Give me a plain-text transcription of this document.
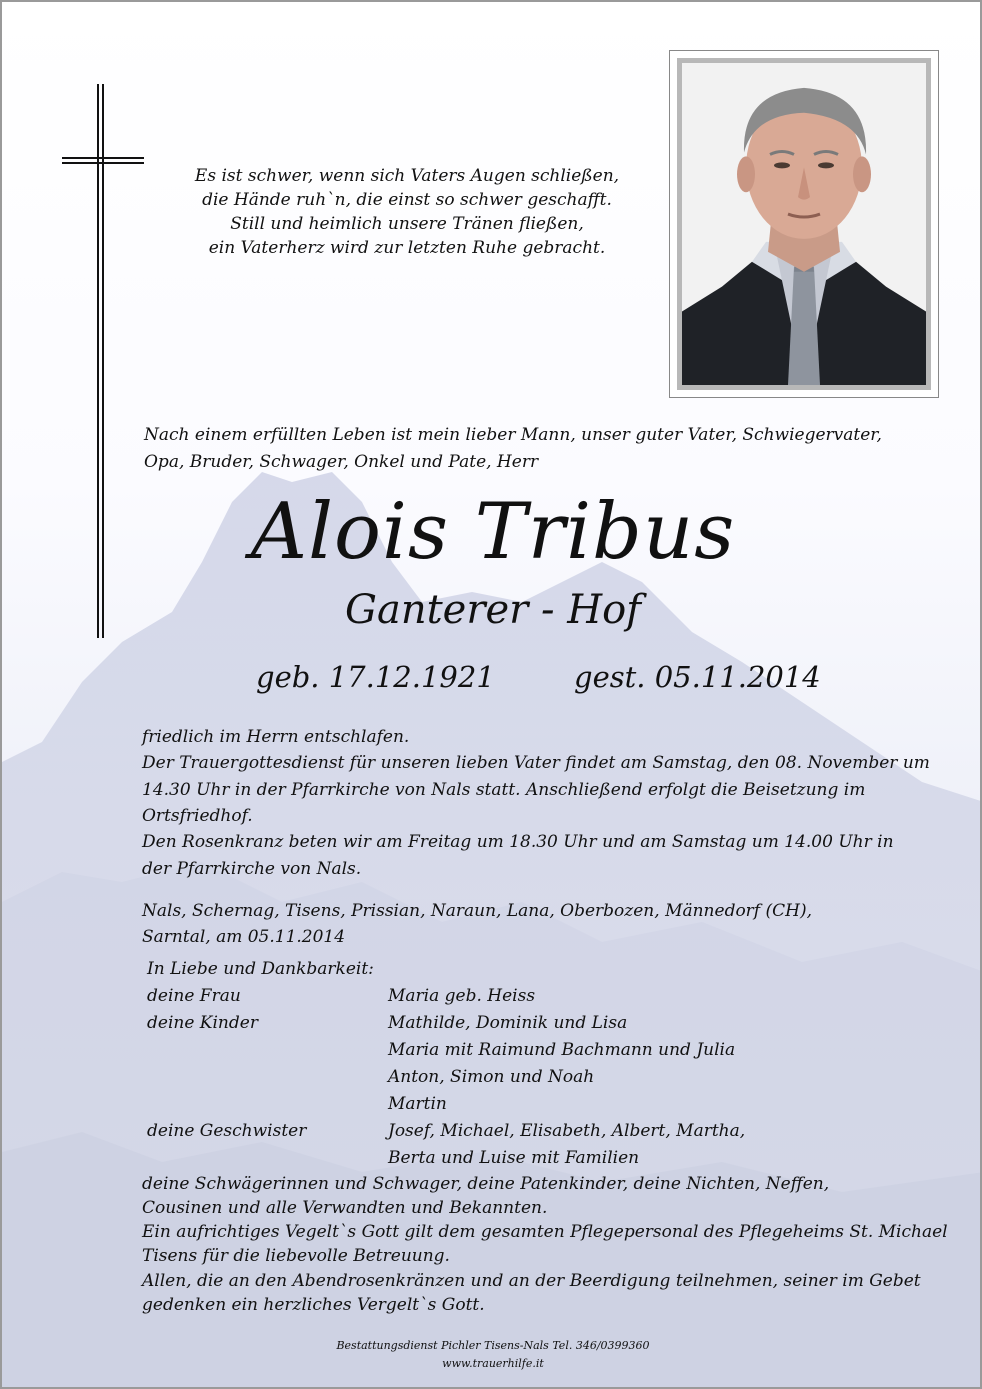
Es ist schwer, wenn sich Vaters Augen schließen,
die Hände ruh`n, die einst so schwer geschafft.
Still und heimlich unsere Tränen fließen,
ein Vaterherz wird zur letzten Ruhe gebracht.
Nach einem erfüllten Leben ist mein lieber Mann, unser guter Vater, Schwiegervater,
Opa, Bruder, Schwager, Onkel und Pate, Herr
Alois Tribus
Ganterer - Hof
geb. 17.12.1921	gest. 05.11.2014
friedlich im Herrn entschlafen.
Der Trauergottesdienst für unseren lieben Vater findet am Samstag, den 08. November um
14.30 Uhr in der Pfarrkirche von Nals statt. Anschließend erfolgt die Beisetzung im
Ortsfriedhof.
Den Rosenkranz beten wir am Freitag um 18.30 Uhr und am Samstag um 14.00 Uhr in
der Pfarrkirche von Nals.
Nals, Schernag, Tisens, Prissian, Naraun, Lana, Oberbozen, Männedorf (CH),
Sarntal, am 05.11.2014
In Liebe und Dankbarkeit:
deine Frau	Maria geb. Heiss
deine Kinder	Mathilde, Dominik und Lisa
Maria mit Raimund Bachmann und Julia
Anton, Simon und Noah
Martin
deine Geschwister	Josef, Michael, Elisabeth, Albert, Martha,
Berta und Luise mit Familien
deine Schwägerinnen und Schwager, deine Patenkinder, deine Nichten, Neffen,
Cousinen und alle Verwandten und Bekannten.
Ein aufrichtiges Vegelt`s Gott gilt dem gesamten Pflegepersonal des Pflegeheims St. Michael
Tisens für die liebevolle Betreuung.
Allen, die an den Abendrosenkränzen und an der Beerdigung teilnehmen, seiner im Gebet
gedenken ein herzliches Vergelt`s Gott.
Bestattungsdienst Pichler Tisens-Nals Tel. 346/0399360
www.trauerhilfe.it
